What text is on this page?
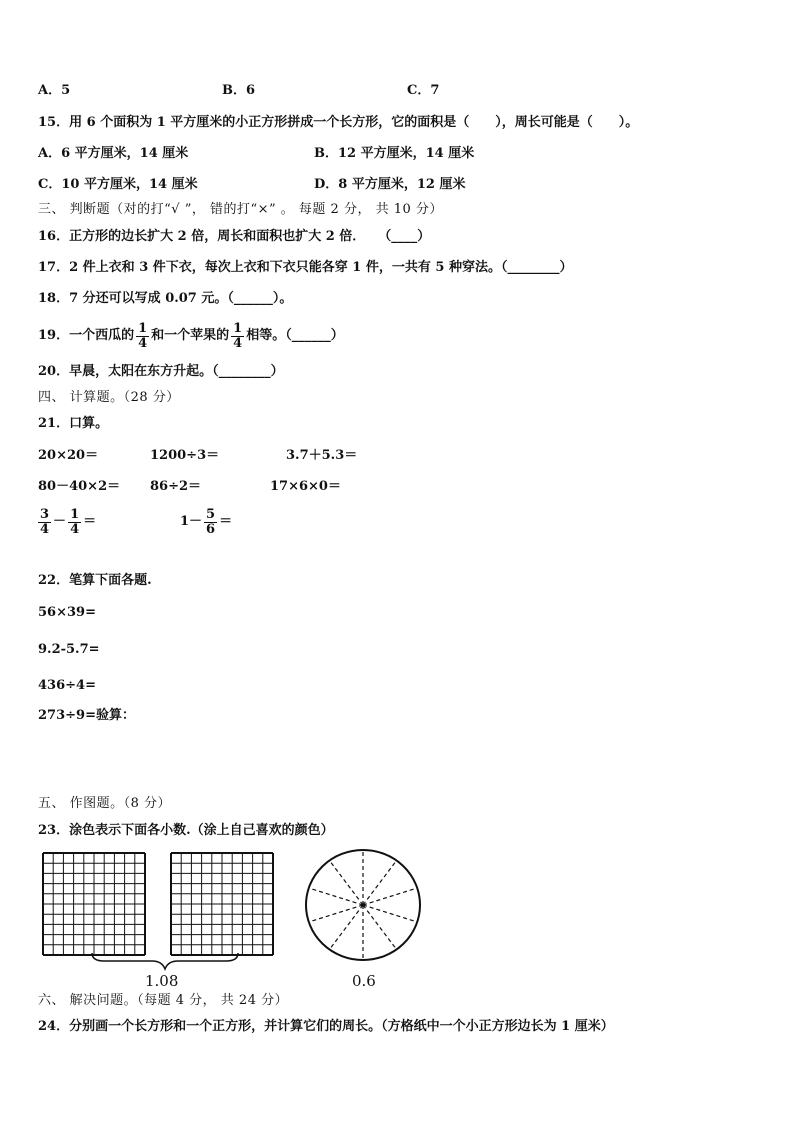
A．5	B．6	C．7
15．用 6 个面积为 1 平方厘米的小正方形拼成一个长方形，它的面积是（　　），周长可能是（　　）。
A．6 平方厘米，14 厘米	B．12 平方厘米，14 厘米
C．10 平方厘米，14 厘米	D．8 平方厘米，12 厘米
三、 判断题（对的打“√ ”， 错的打“×” 。 每题 2 分， 共 10 分）
16．正方形的边长扩大 2 倍，周长和面积也扩大 2 倍．　　（____）
17．2 件上衣和 3 件下衣，每次上衣和下衣只能各穿 1 件，一共有 5 种穿法。（________）
18．7 分还可以写成 0.07 元。（______）。
19．一个西瓜的 $\frac{1}{4}$ 和一个苹果的 $\frac{1}{4}$ 相等。（______）
20．早晨，太阳在东方升起。（________）
四、 计算题。（28 分）
21．口算。
20×20＝	1200÷3＝	3.7＋5.3＝
80－40×2＝ 86÷2＝	17×6×0＝
$\frac{3}{4} - \frac{1}{4}$ ＝	$1- \frac{5}{6}$ ＝
22．笔算下面各题.
56×39=
9.2-5.7=
436÷4=
273÷9=验算：
五、 作图题。（8 分）
23．涂色表示下面各小数.（涂上自己喜欢的颜色）
1.08	0.6
六、 解决问题。（每题 4 分， 共 24 分）
24．分别画一个长方形和一个正方形，并计算它们的周长。（方格纸中一个小正方形边长为 1 厘米）
